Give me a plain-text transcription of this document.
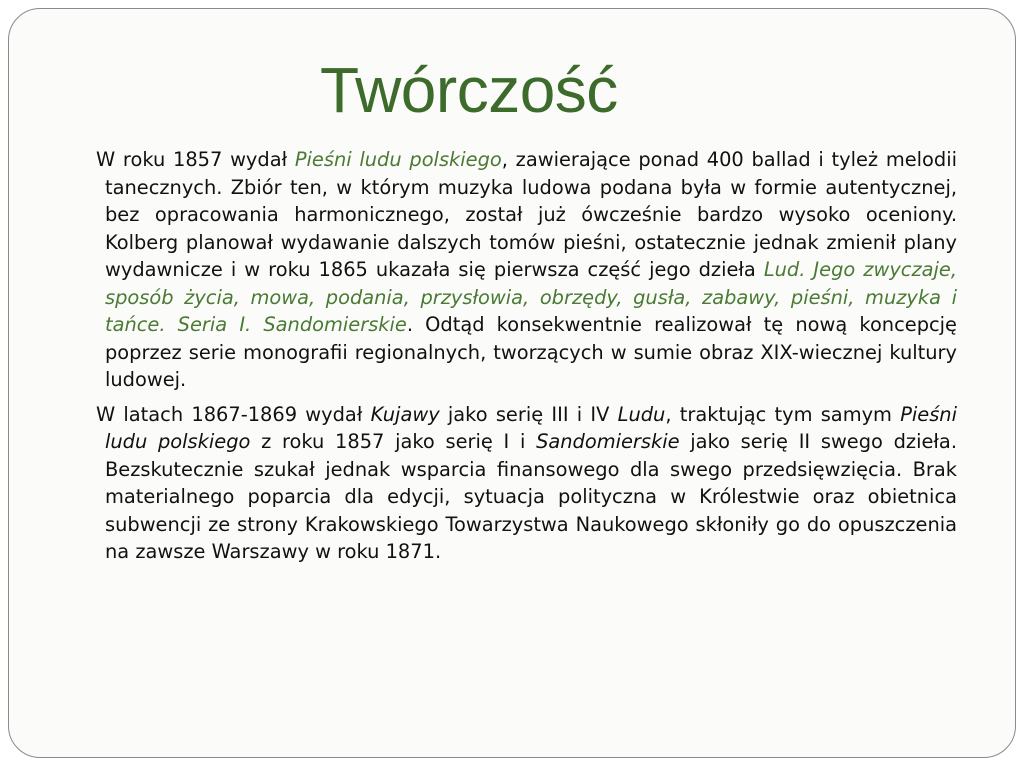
Twórczość

W roku 1857 wydał Pieśni ludu polskiego, zawierające ponad 400 ballad i tyleż melodii tanecznych. Zbiór ten, w którym muzyka ludowa podana była w formie autentycznej, bez opracowania harmonicznego, został już ówcześnie bardzo wysoko oceniony. Kolberg planował wydawanie dalszych tomów pieśni, ostatecznie jednak zmienił plany wydawnicze i w roku 1865 ukazała się pierwsza część jego dzieła Lud. Jego zwyczaje, sposób życia, mowa, podania, przysłowia, obrzędy, gusła, zabawy, pieśni, muzyka i tańce. Seria I. Sandomierskie. Odtąd konsekwentnie realizował tę nową koncepcję poprzez serie monografii regionalnych, tworzących w sumie obraz XIX-wiecznej kultury ludowej.

W latach 1867-1869 wydał Kujawy jako serię III i IV Ludu, traktując tym samym Pieśni ludu polskiego z roku 1857 jako serię I i Sandomierskie jako serię II swego dzieła. Bezskutecznie szukał jednak wsparcia finansowego dla swego przedsięwzięcia. Brak materialnego poparcia dla edycji, sytuacja polityczna w Królestwie oraz obietnica subwencji ze strony Krakowskiego Towarzystwa Naukowego skłoniły go do opuszczenia na zawsze Warszawy w roku 1871.
